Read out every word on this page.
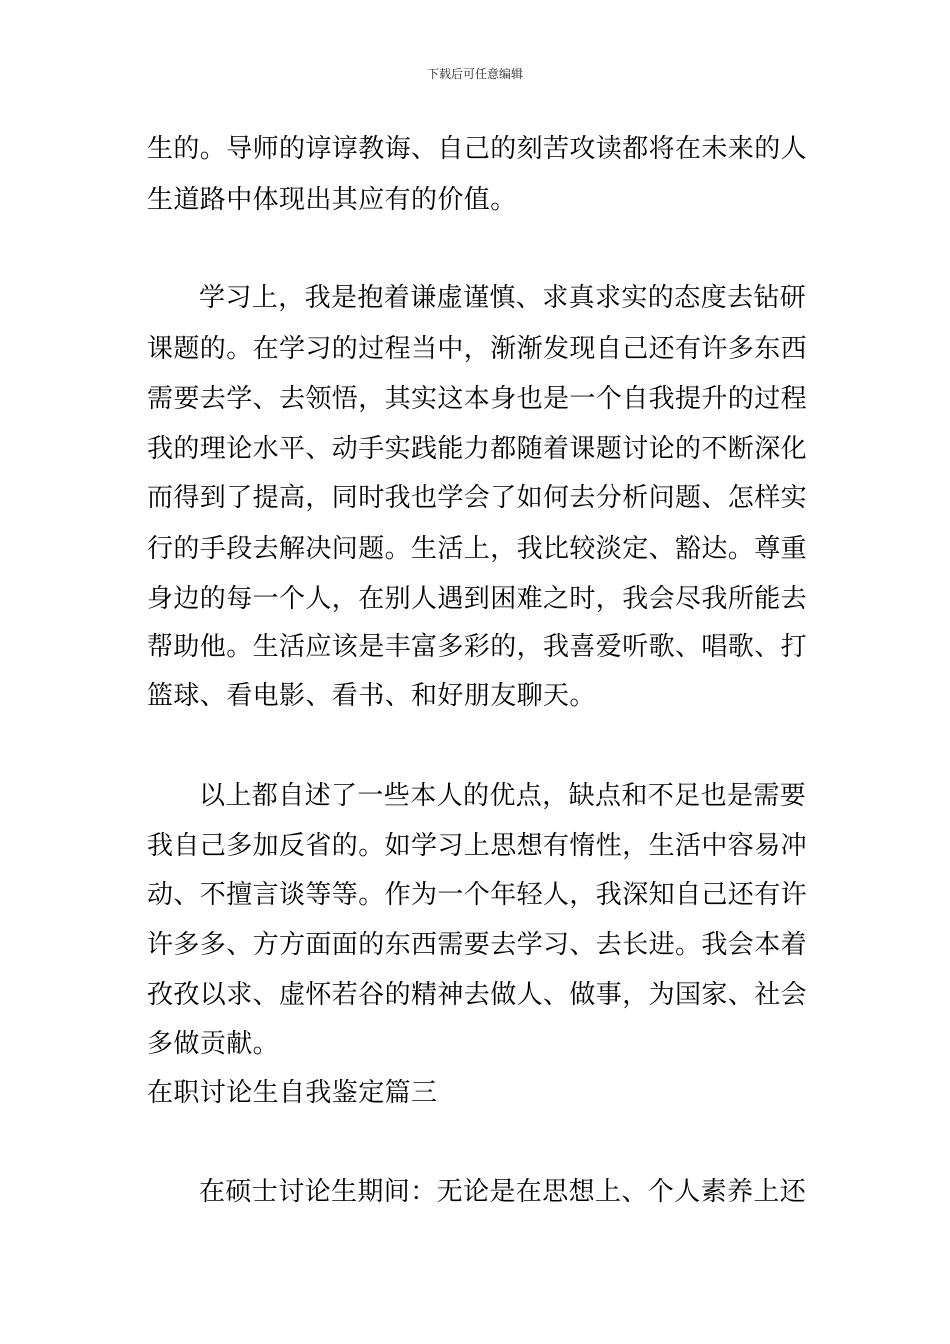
下载后可任意编辑
生的。导师的谆谆教诲、自己的刻苦攻读都将在未来的人
生道路中体现出其应有的价值。
学习上，我是抱着谦虚谨慎、求真求实的态度去钻研
课题的。在学习的过程当中，渐渐发现自己还有许多东西
需要去学、去领悟，其实这本身也是一个自我提升的过程
我的理论水平、动手实践能力都随着课题讨论的不断深化
而得到了提高，同时我也学会了如何去分析问题、怎样实
行的手段去解决问题。生活上，我比较淡定、豁达。尊重
身边的每一个人，在别人遇到困难之时，我会尽我所能去
帮助他。生活应该是丰富多彩的，我喜爱听歌、唱歌、打
篮球、看电影、看书、和好朋友聊天。
以上都自述了一些本人的优点，缺点和不足也是需要
我自己多加反省的。如学习上思想有惰性，生活中容易冲
动、不擅言谈等等。作为一个年轻人，我深知自己还有许
许多多、方方面面的东西需要去学习、去长进。我会本着
孜孜以求、虚怀若谷的精神去做人、做事，为国家、社会
多做贡献。
在职讨论生自我鉴定篇三
在硕士讨论生期间：无论是在思想上、个人素养上还
